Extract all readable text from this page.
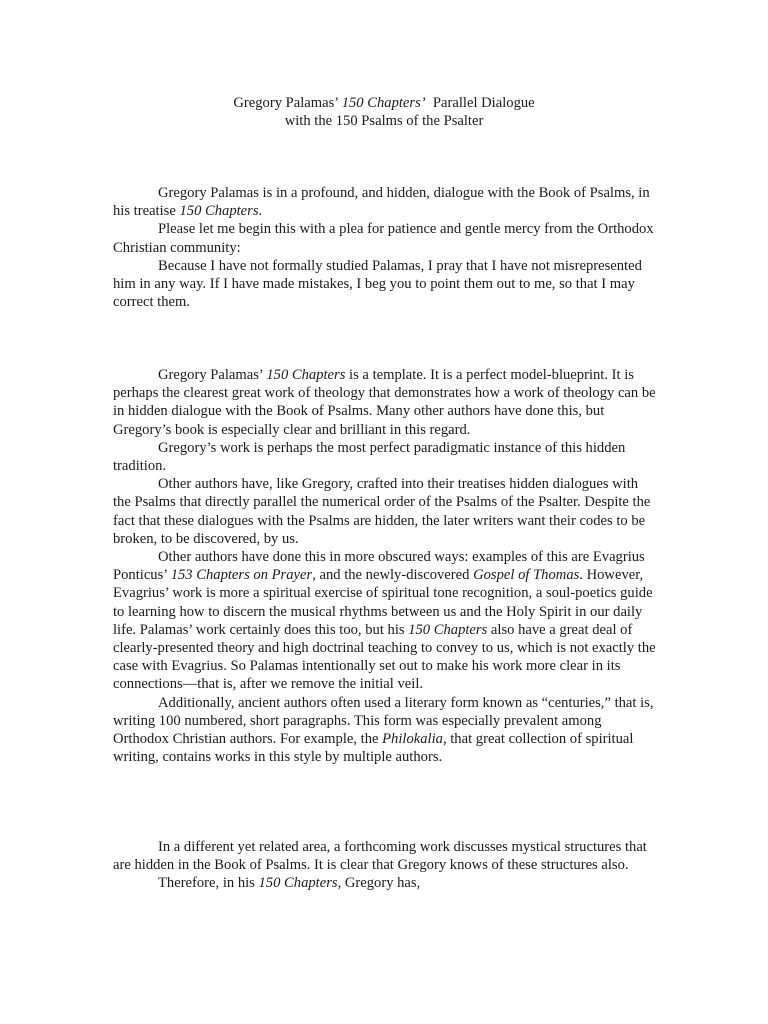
Gregory Palamas’ 150 Chapters’  Parallel Dialogue
with the 150 Psalms of the Psalter

Gregory Palamas is in a profound, and hidden, dialogue with the Book of Psalms, in his treatise 150 Chapters.

Please let me begin this with a plea for patience and gentle mercy from the Orthodox Christian community:

Because I have not formally studied Palamas, I pray that I have not misrepresented him in any way. If I have made mistakes, I beg you to point them out to me, so that I may correct them.

Gregory Palamas’ 150 Chapters is a template. It is a perfect model-blueprint. It is perhaps the clearest great work of theology that demonstrates how a work of theology can be in hidden dialogue with the Book of Psalms. Many other authors have done this, but Gregory’s book is especially clear and brilliant in this regard.

Gregory’s work is perhaps the most perfect paradigmatic instance of this hidden tradition.

Other authors have, like Gregory, crafted into their treatises hidden dialogues with the Psalms that directly parallel the numerical order of the Psalms of the Psalter. Despite the fact that these dialogues with the Psalms are hidden, the later writers want their codes to be broken, to be discovered, by us.

Other authors have done this in more obscured ways: examples of this are Evagrius Ponticus’ 153 Chapters on Prayer, and the newly-discovered Gospel of Thomas. However, Evagrius’ work is more a spiritual exercise of spiritual tone recognition, a soul-poetics guide to learning how to discern the musical rhythms between us and the Holy Spirit in our daily life. Palamas’ work certainly does this too, but his 150 Chapters also have a great deal of clearly-presented theory and high doctrinal teaching to convey to us, which is not exactly the case with Evagrius. So Palamas intentionally set out to make his work more clear in its connections—that is, after we remove the initial veil.

Additionally, ancient authors often used a literary form known as “centuries,” that is, writing 100 numbered, short paragraphs. This form was especially prevalent among Orthodox Christian authors. For example, the Philokalia, that great collection of spiritual writing, contains works in this style by multiple authors.

In a different yet related area, a forthcoming work discusses mystical structures that are hidden in the Book of Psalms. It is clear that Gregory knows of these structures also.

Therefore, in his 150 Chapters, Gregory has,
